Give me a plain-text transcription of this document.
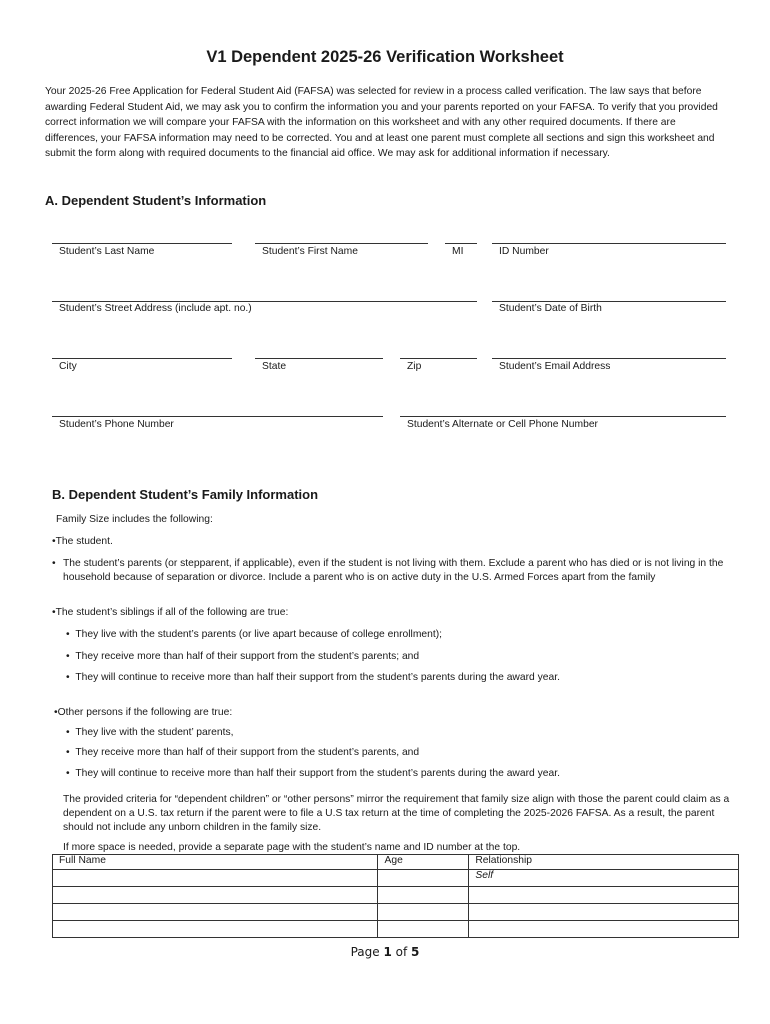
V1 Dependent 2025-26 Verification Worksheet
Your 2025-26 Free Application for Federal Student Aid (FAFSA) was selected for review in a process called verification. The law says that before awarding Federal Student Aid, we may ask you to confirm the information you and your parents reported on your FAFSA. To verify that you provided correct information we will compare your FAFSA with the information on this worksheet and with any other required documents. If there are differences, your FAFSA information may need to be corrected. You and at least one parent must complete all sections and sign this worksheet and submit the form along with required documents to the financial aid office. We may ask for additional information if necessary.
A. Dependent Student’s Information
Student’s Last Name	Student’s First Name	MI	ID Number
Student’s Street Address (include apt. no.)	Student’s Date of Birth
City	State	Zip	Student’s Email Address
Student’s Phone Number	Student’s Alternate or Cell Phone Number
B. Dependent Student’s Family Information
Family Size includes the following:
•The student.
• The student’s parents (or stepparent, if applicable), even if the student is not living with them. Exclude a parent who has died or is not living in the household because of separation or divorce. Include a parent who is on active duty in the U.S. Armed Forces apart from the family
•The student’s siblings if all of the following are true:
•  They live with the student’s parents (or live apart because of college enrollment);
•  They receive more than half of their support from the student’s parents; and
•  They will continue to receive more than half their support from the student’s parents during the award year.
•Other persons if the following are true:
•  They live with the student’ parents,
•  They receive more than half of their support from the student’s parents, and
•  They will continue to receive more than half their support from the student’s parents during the award year.
The provided criteria for “dependent children” or “other persons” mirror the requirement that family size align with those the parent could claim as a dependent on a U.S. tax return if the parent were to file a U.S tax return at the time of completing the 2025-2026 FAFSA. As a result, the parent should not include any unborn children in the family size.
If more space is needed, provide a separate page with the student’s name and ID number at the top.
Full Name	Age	Relationship
		Self

Page 1 of 5
